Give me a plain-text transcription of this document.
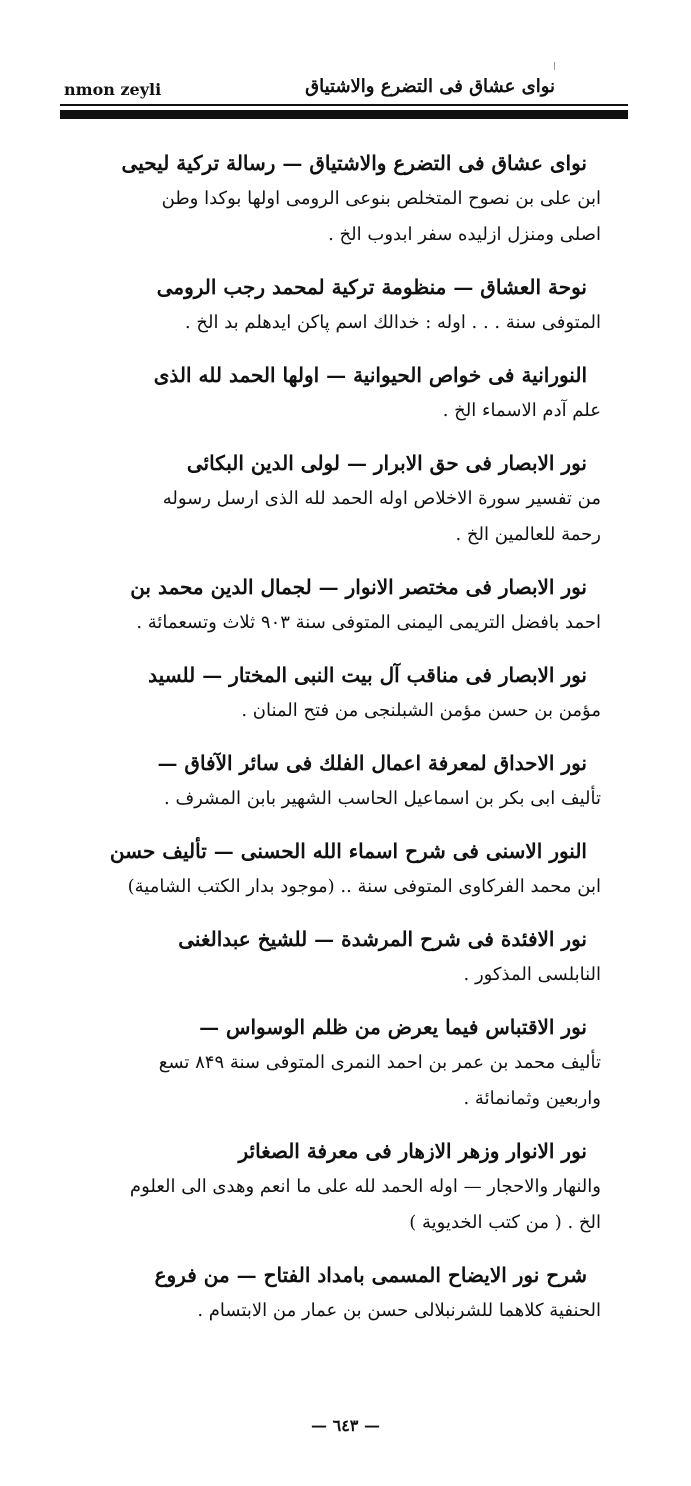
nmon zeyli	نوای عشاق فی التضرع والاشتیاق
نوای عشاق فی التضرع والاشتیاق — رسالة ترکیة لیحیی
ابن علی بن نصوح المتخلص بنوعی الرومی اولها بوکدا وطن
اصلی ومنزل ازلیده سفر ابدوب الخ .
نوحة العشاق — منظومة ترکیة لمحمد رجب الرومی
المتوفی سنة . . . اوله : خدالك اسم پاکن ایدهلم بد الخ .
النورانیة فی خواص الحیوانیة — اولها الحمد لله الذی
علم آدم الاسماء الخ .
نور الابصار فی حق الابرار — لولی الدین البکائی
من تفسیر سورة الاخلاص اوله الحمد لله الذی ارسل رسوله
رحمة للعالمین الخ .
نور الابصار فی مختصر الانوار — لجمال الدین محمد بن
احمد بافضل التریمی الیمنی المتوفی سنة ۹۰۳ ثلاث وتسعمائة .
نور الابصار فی مناقب آل بیت النبی المختار — للسید
مؤمن بن حسن مؤمن الشبلنجی من فتح المنان .
نور الاحداق لمعرفة اعمال الفلك فی سائر الآفاق —
تألیف ابی بکر بن اسماعیل الحاسب الشهیر بابن المشرف .
النور الاسنی فی شرح اسماء الله الحسنی — تألیف حسن
ابن محمد الفرکاوی المتوفی سنة .. (موجود بدار الکتب الشامیة)
نور الافئدة فی شرح المرشدة — للشیخ عبدالغنی
النابلسی المذکور .
نور الاقتباس فیما یعرض من ظلم الوسواس —
تألیف محمد بن عمر بن احمد النمری المتوفی سنة ۸۴۹ تسع
واربعین وثمانمائة .
نور الانوار وزهر الازهار فی معرفة الصغائر
والنهار والاحجار — اوله الحمد لله علی ما انعم وهدی الی العلوم
الخ . ( من کتب الخدیویة )
شرح نور الایضاح المسمی بامداد الفتاح — من فروع
الحنفیة کلاهما للشرنبلالی حسن بن عمار من الابتسام .
— ٦٤٣ —
